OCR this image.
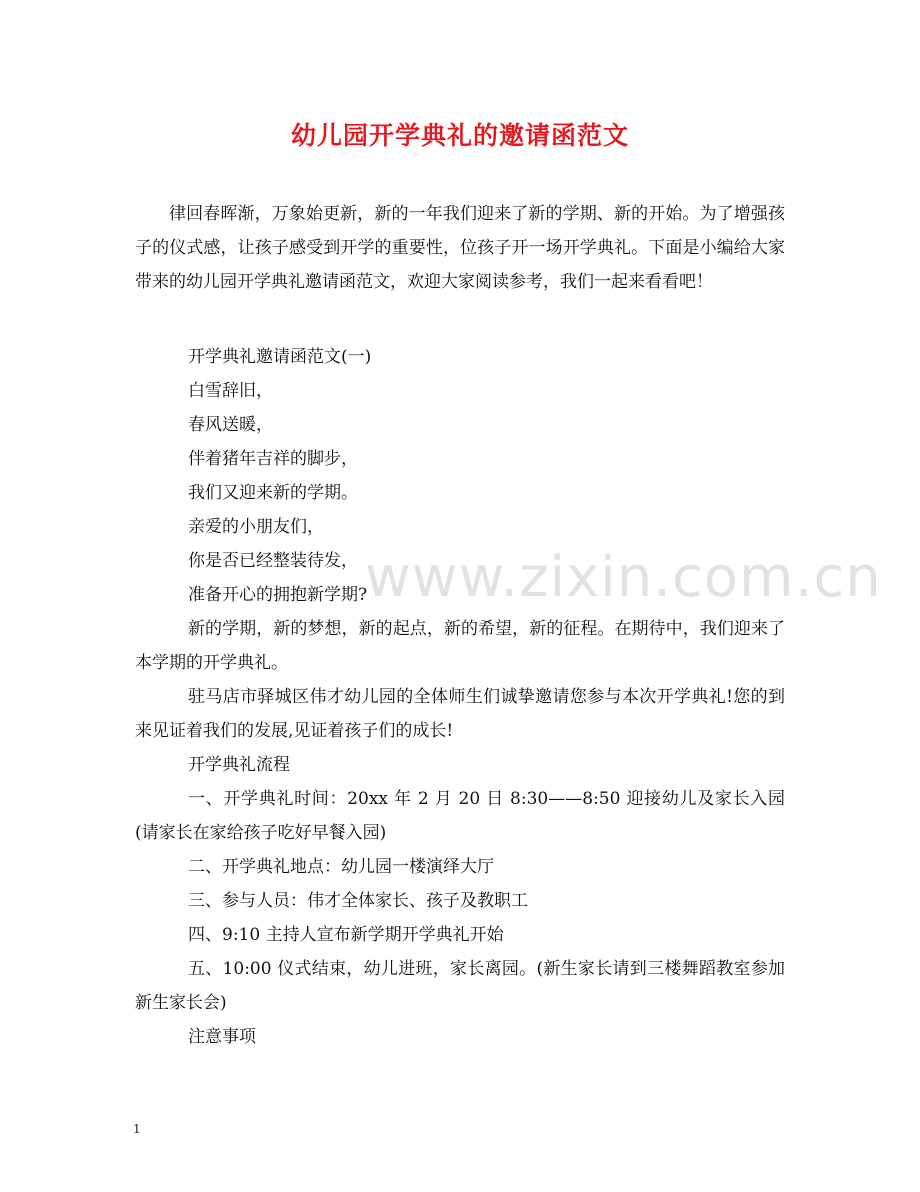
幼儿园开学典礼的邀请函范文

律回春晖渐，万象始更新，新的一年我们迎来了新的学期、新的开始。为了增强孩子的仪式感，让孩子感受到开学的重要性，位孩子开一场开学典礼。下面是小编给大家带来的幼儿园开学典礼邀请函范文，欢迎大家阅读参考，我们一起来看看吧！

开学典礼邀请函范文(一)

白雪辞旧，

春风送暖，

伴着猪年吉祥的脚步，

我们又迎来新的学期。

亲爱的小朋友们，

你是否已经整装待发，

准备开心的拥抱新学期?

新的学期，新的梦想，新的起点，新的希望，新的征程。在期待中，我们迎来了本学期的开学典礼。

驻马店市驿城区伟才幼儿园的全体师生们诚挚邀请您参与本次开学典礼!您的到来见证着我们的发展,见证着孩子们的成长!

开学典礼流程

一、开学典礼时间：20xx 年 2 月 20 日 8:30——8:50 迎接幼儿及家长入园(请家长在家给孩子吃好早餐入园)

二、开学典礼地点：幼儿园一楼演绎大厅

三、参与人员：伟才全体家长、孩子及教职工

四、9:10 主持人宣布新学期开学典礼开始

五、10:00 仪式结束，幼儿进班，家长离园。(新生家长请到三楼舞蹈教室参加新生家长会)

注意事项

www.zixin.com.cn
1
